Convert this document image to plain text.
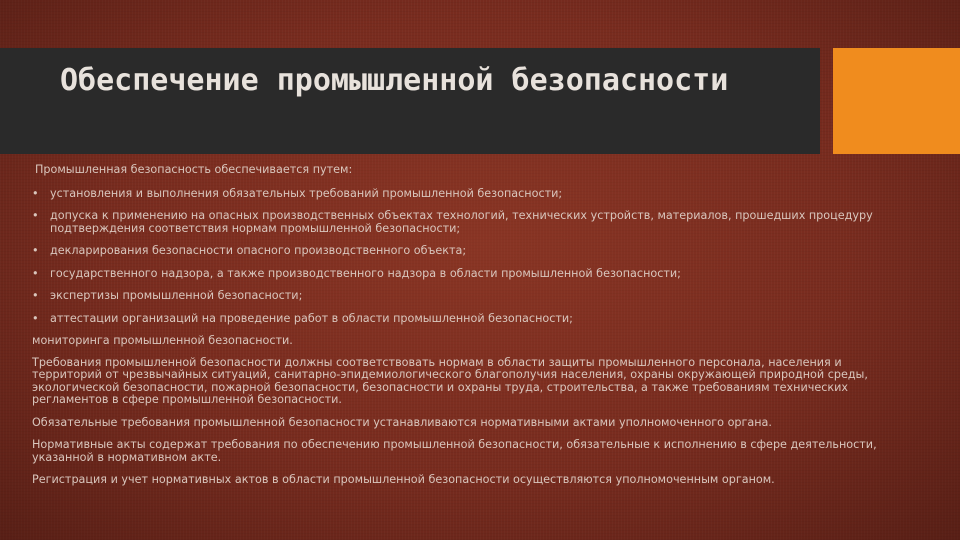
Обеспечение промышленной безопасности

Промышленная безопасность обеспечивается путем:

• установления и выполнения обязательных требований промышленной безопасности;
• допуска к применению на опасных производственных объектах технологий, технических устройств, материалов, прошедших процедуру подтверждения соответствия нормам промышленной безопасности;
• декларирования безопасности опасного производственного объекта;
• государственного надзора, а также производственного надзора в области промышленной безопасности;
• экспертизы промышленной безопасности;
• аттестации организаций на проведение работ в области промышленной безопасности;

мониторинга промышленной безопасности.

Требования промышленной безопасности должны соответствовать нормам в области защиты промышленного персонала, населения и территорий от чрезвычайных ситуаций, санитарно-эпидемиологического благополучия населения, охраны окружающей природной среды, экологической безопасности, пожарной безопасности, безопасности и охраны труда, строительства, а также требованиям технических регламентов в сфере промышленной безопасности.

Обязательные требования промышленной безопасности устанавливаются нормативными актами уполномоченного органа.

Нормативные акты содержат требования по обеспечению промышленной безопасности, обязательные к исполнению в сфере деятельности, указанной в нормативном акте.

Регистрация и учет нормативных актов в области промышленной безопасности осуществляются уполномоченным органом.
